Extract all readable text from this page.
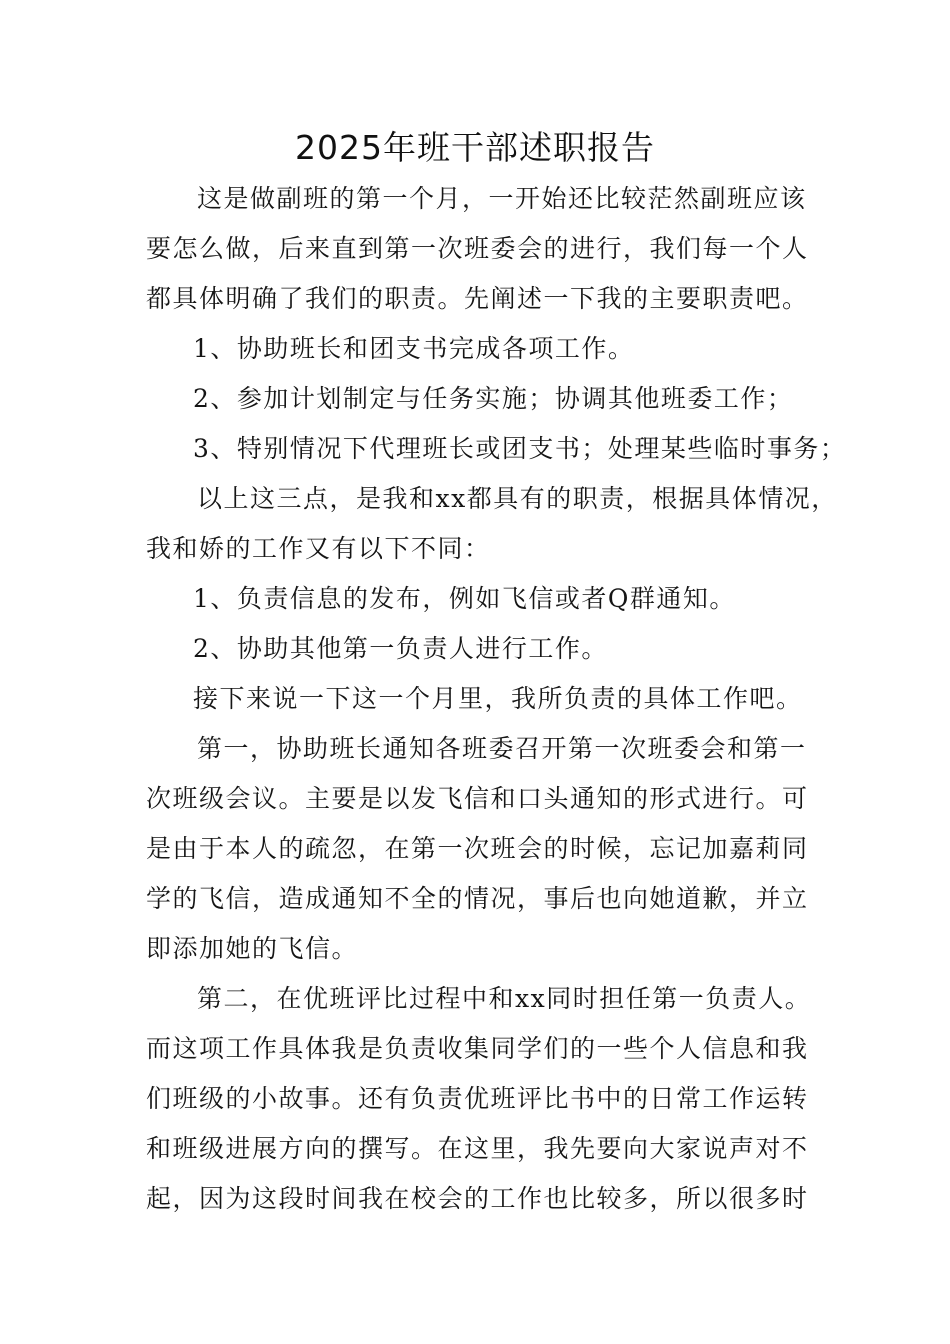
2025年班干部述职报告
这是做副班的第一个月，一开始还比较茫然副班应该
要怎么做，后来直到第一次班委会的进行，我们每一个人
都具体明确了我们的职责。先阐述一下我的主要职责吧。
1、协助班长和团支书完成各项工作。
2、参加计划制定与任务实施；协调其他班委工作；
3、特别情况下代理班长或团支书；处理某些临时事务；
以上这三点，是我和xx都具有的职责，根据具体情况，
我和娇的工作又有以下不同：
1、负责信息的发布，例如飞信或者Q群通知。
2、协助其他第一负责人进行工作。
接下来说一下这一个月里，我所负责的具体工作吧。
第一，协助班长通知各班委召开第一次班委会和第一
次班级会议。主要是以发飞信和口头通知的形式进行。可
是由于本人的疏忽，在第一次班会的时候，忘记加嘉莉同
学的飞信，造成通知不全的情况，事后也向她道歉，并立
即添加她的飞信。
第二，在优班评比过程中和xx同时担任第一负责人。
而这项工作具体我是负责收集同学们的一些个人信息和我
们班级的小故事。还有负责优班评比书中的日常工作运转
和班级进展方向的撰写。在这里，我先要向大家说声对不
起，因为这段时间我在校会的工作也比较多，所以很多时
